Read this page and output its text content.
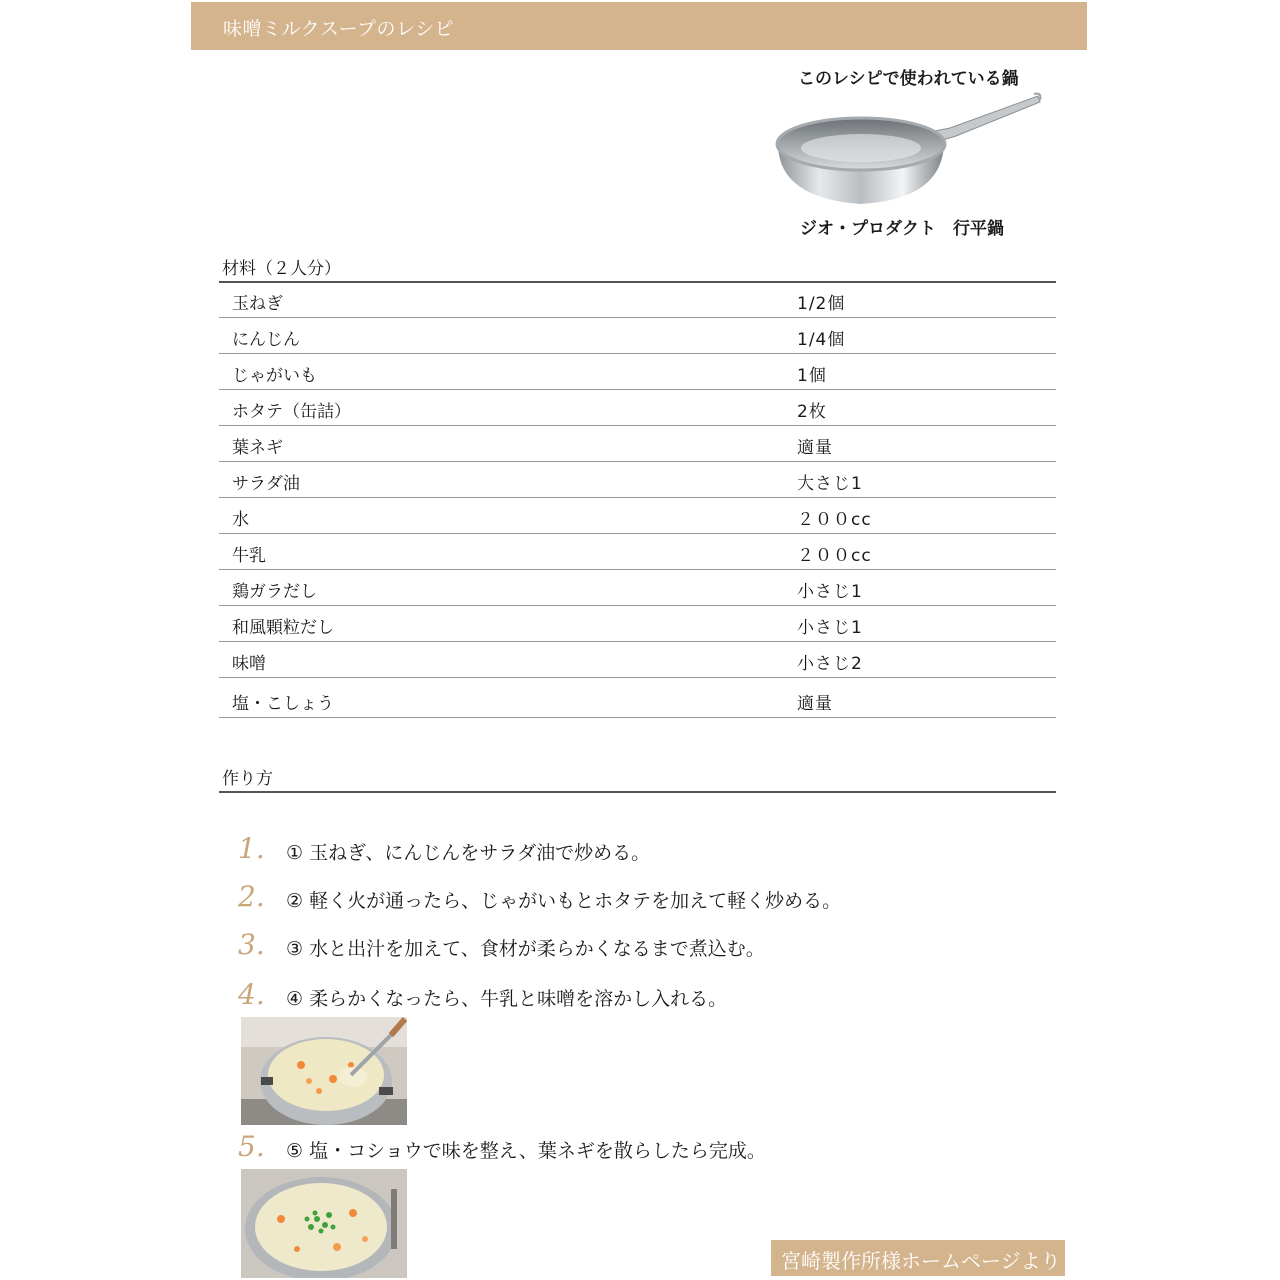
味噌ミルクスープのレシピ
このレシピで使われている鍋
ジオ・プロダクト　行平鍋
材料（２人分）
玉ねぎ	1/2個
にんじん	1/4個
じゃがいも	1個
ホタテ（缶詰）	2枚
葉ネギ	適量
サラダ油	大さじ1
水	２００cc
牛乳	２００cc
鶏ガラだし	小さじ1
和風顆粒だし	小さじ1
味噌	小さじ2
塩・こしょう	適量
作り方
1. ① 玉ねぎ、にんじんをサラダ油で炒める。
2. ② 軽く火が通ったら、じゃがいもとホタテを加えて軽く炒める。
3. ③ 水と出汁を加えて、食材が柔らかくなるまで煮込む。
4. ④ 柔らかくなったら、牛乳と味噌を溶かし入れる。
5. ⑤ 塩・コショウで味を整え、葉ネギを散らしたら完成。
宮崎製作所様ホームページより
